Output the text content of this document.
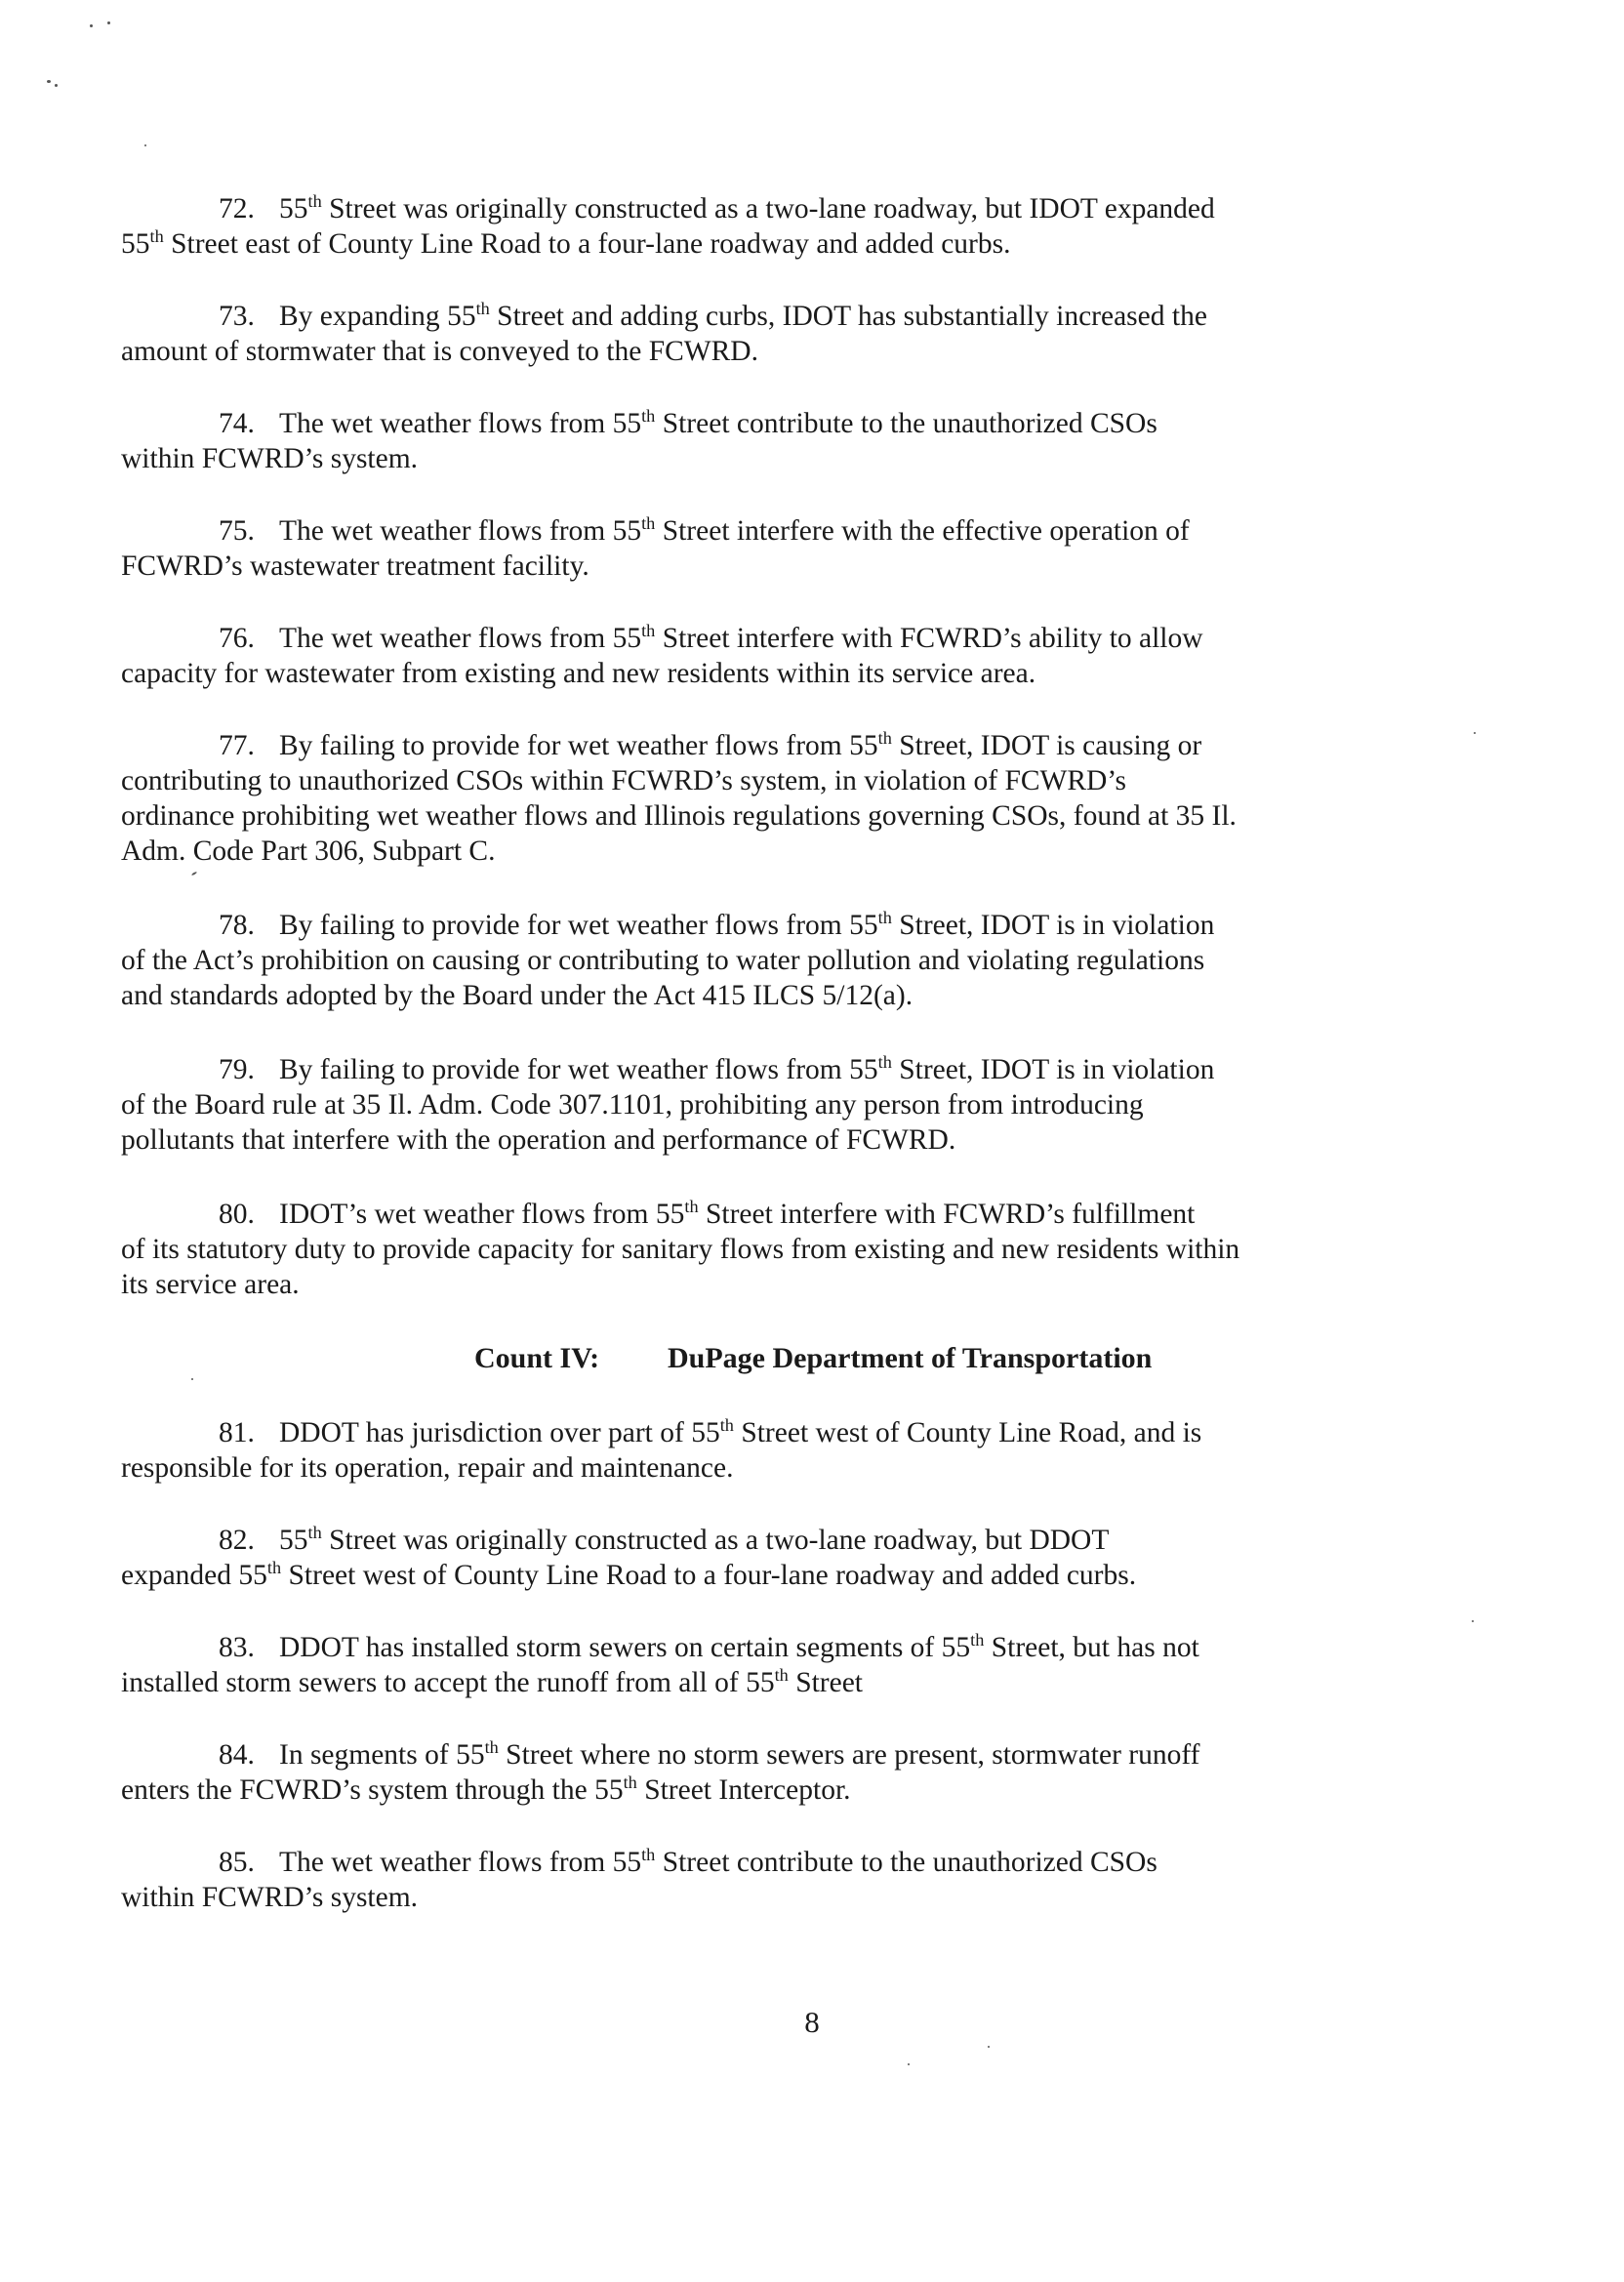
72. 55th Street was originally constructed as a two-lane roadway, but IDOT expanded
55th Street east of County Line Road to a four-lane roadway and added curbs.
73. By expanding 55th Street and adding curbs, IDOT has substantially increased the
amount of stormwater that is conveyed to the FCWRD.
74. The wet weather flows from 55th Street contribute to the unauthorized CSOs
within FCWRD’s system.
75. The wet weather flows from 55th Street interfere with the effective operation of
FCWRD’s wastewater treatment facility.
76. The wet weather flows from 55th Street interfere with FCWRD’s ability to allow
capacity for wastewater from existing and new residents within its service area.
77. By failing to provide for wet weather flows from 55th Street, IDOT is causing or
contributing to unauthorized CSOs within FCWRD’s system, in violation of FCWRD’s
ordinance prohibiting wet weather flows and Illinois regulations governing CSOs, found at 35 Il.
Adm. Code Part 306, Subpart C.
78. By failing to provide for wet weather flows from 55th Street, IDOT is in violation
of the Act’s prohibition on causing or contributing to water pollution and violating regulations
and standards adopted by the Board under the Act 415 ILCS 5/12(a).
79. By failing to provide for wet weather flows from 55th Street, IDOT is in violation
of the Board rule at 35 Il. Adm. Code 307.1101, prohibiting any person from introducing
pollutants that interfere with the operation and performance of FCWRD.
80. IDOT’s wet weather flows from 55th Street interfere with FCWRD’s fulfillment
of its statutory duty to provide capacity for sanitary flows from existing and new residents within
its service area.
Count IV: DuPage Department of Transportation
81. DDOT has jurisdiction over part of 55th Street west of County Line Road, and is
responsible for its operation, repair and maintenance.
82. 55th Street was originally constructed as a two-lane roadway, but DDOT
expanded 55th Street west of County Line Road to a four-lane roadway and added curbs.
83. DDOT has installed storm sewers on certain segments of 55th Street, but has not
installed storm sewers to accept the runoff from all of 55th Street
84. In segments of 55th Street where no storm sewers are present, stormwater runoff
enters the FCWRD’s system through the 55th Street Interceptor.
85. The wet weather flows from 55th Street contribute to the unauthorized CSOs
within FCWRD’s system.
8
